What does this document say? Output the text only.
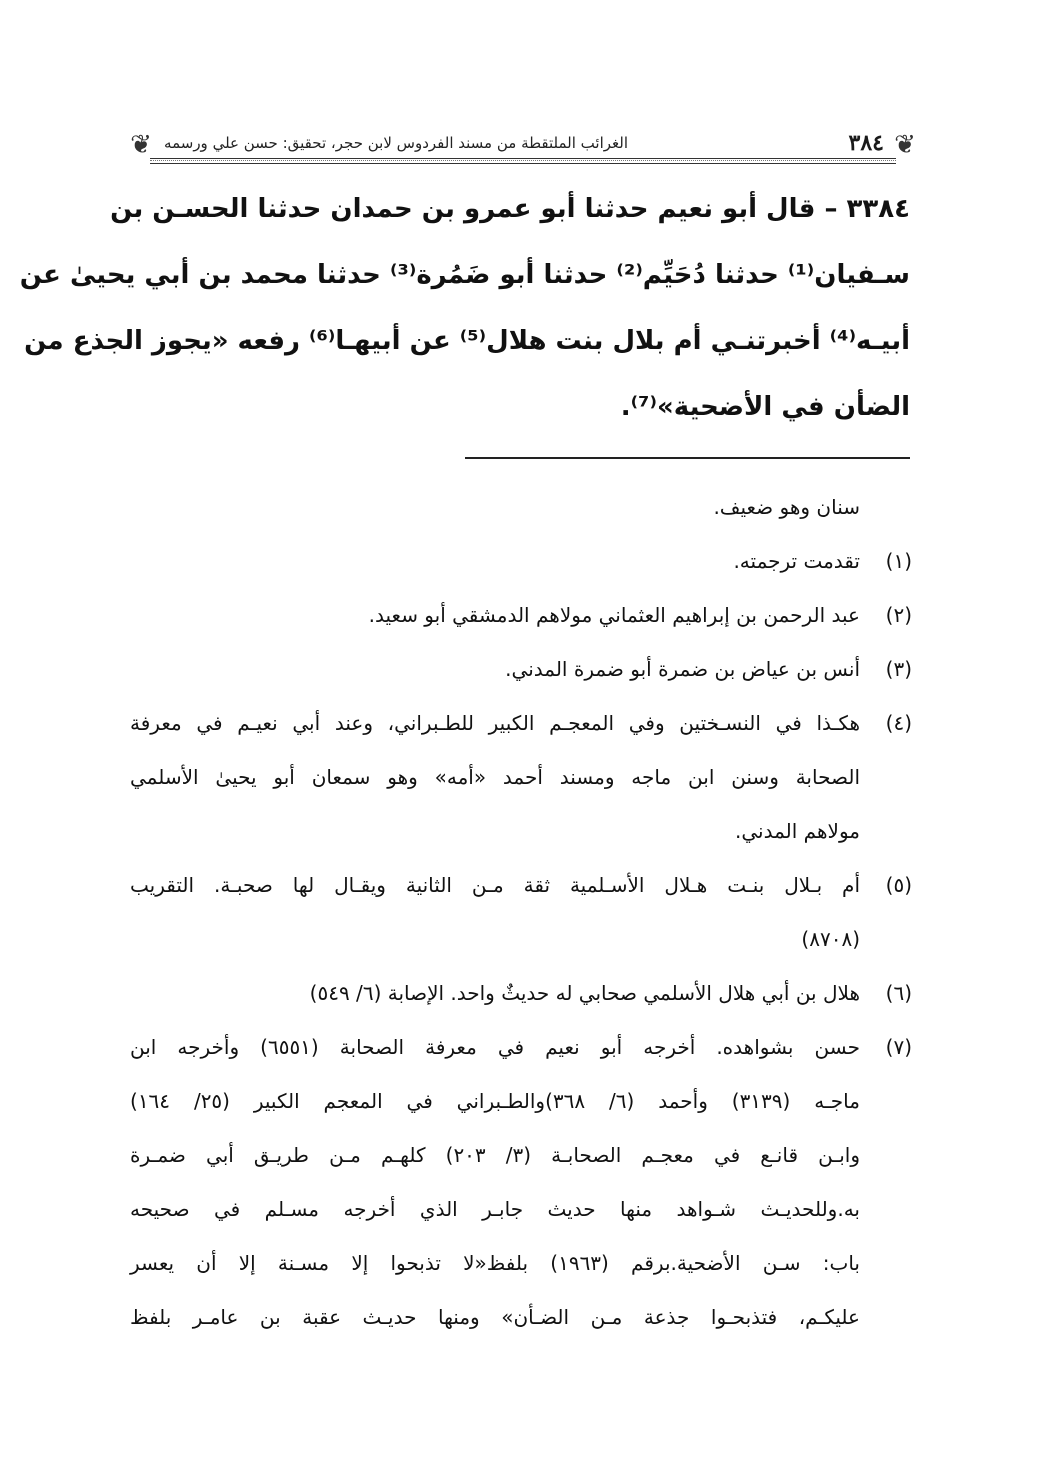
❦
٣٨٤
الغرائب الملتقطة من مسند الفردوس لابن حجر، تحقيق: حسن علي ورسمه
❦
٣٣٨٤ – قال أبو نعيم حدثنا أبو عمرو بن حمدان حدثنا الحسـن بن
سـفيان⁽¹⁾ حدثنا دُحَيِّم⁽²⁾ حدثنا أبو ضَمُرة⁽³⁾ حدثنا محمد بن أبي يحيىٰ عن
أبيـه⁽⁴⁾ أخبرتنـي أم بلال بنت هلال⁽⁵⁾ عن أبيهـا⁽⁶⁾ رفعه «يجوز الجذع من
الضأن في الأضحية»⁽⁷⁾.
سنان وهو ضعيف.
(١)
تقدمت ترجمته.
(٢)
عبد الرحمن بن إبراهيم العثماني مولاهم الدمشقي أبو سعيد.
(٣)
أنس بن عياض بن ضمرة أبو ضمرة المدني.
(٤)
هكـذا في النسـختين وفي المعجـم الكبير للطـبراني، وعند أبي نعيـم في معرفة
الصحابة وسنن ابن ماجه ومسند أحمد «أمه» وهو سمعان أبو يحيىٰ الأسلمي
مولاهم المدني.
(٥)
أم بـلال بنـت هـلال الأسـلمية ثقة مـن الثانية ويقـال لها صحبـة. التقريب
(٨٧٠٨)
(٦)
هلال بن أبي هلال الأسلمي صحابي له حديثٌ واحد. الإصابة (٦/ ٥٤٩)
(٧)
حسن بشواهده. أخرجه أبو نعيم في معرفة الصحابة (٦٥٥١) وأخرجه ابن
ماجـه (٣١٣٩) وأحمد (٦/ ٣٦٨)والطـبراني في المعجم الكبير (٢٥/ ١٦٤)
وابـن قانـع في معجـم الصحابـة (٣/ ٢٠٣) كلهـم مـن طريـق أبي ضمـرة
به.وللحديـث شـواهد منها حديث جابـر الذي أخرجه مسـلم في صحيحه
باب: سـن الأضحية.برقم (١٩٦٣) بلفظ«لا تذبحوا إلا مسـنة إلا أن يعسر
عليكـم، فتذبحـوا جذعة مـن الضـأن» ومنها حديـث عقبة بن عامـر بلفظ
